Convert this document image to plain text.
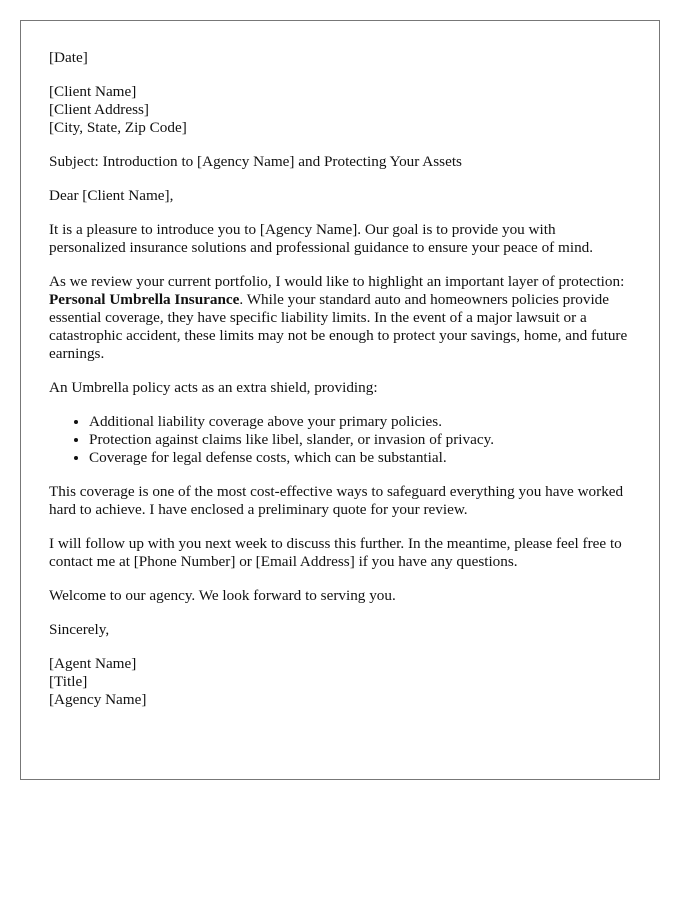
[Date]
[Client Name]
[Client Address]
[City, State, Zip Code]

Subject: Introduction to [Agency Name] and Protecting Your Assets

Dear [Client Name],

It is a pleasure to introduce you to [Agency Name]. Our goal is to provide you with personalized insurance solutions and professional guidance to ensure your peace of mind.

As we review your current portfolio, I would like to highlight an important layer of protection: Personal Umbrella Insurance. While your standard auto and homeowners policies provide essential coverage, they have specific liability limits. In the event of a major lawsuit or a catastrophic accident, these limits may not be enough to protect your savings, home, and future earnings.

An Umbrella policy acts as an extra shield, providing:

• Additional liability coverage above your primary policies.
• Protection against claims like libel, slander, or invasion of privacy.
• Coverage for legal defense costs, which can be substantial.

This coverage is one of the most cost-effective ways to safeguard everything you have worked hard to achieve. I have enclosed a preliminary quote for your review.

I will follow up with you next week to discuss this further. In the meantime, please feel free to contact me at [Phone Number] or [Email Address] if you have any questions.

Welcome to our agency. We look forward to serving you.

Sincerely,

[Agent Name]
[Title]
[Agency Name]
